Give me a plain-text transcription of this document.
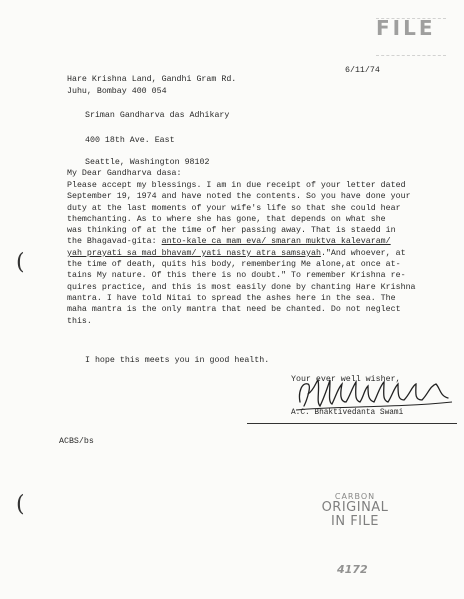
FILE
6/11/74
Hare Krishna Land, Gandhi Gram Rd.
Juhu, Bombay 400 054
Sriman Gandharva das Adhikary
400 18th Ave. East
Seattle, Washington 98102
My Dear Gandharva dasa:
Please accept my blessings. I am in due receipt of your letter dated
September 19, 1974 and have noted the contents. So you have done your
duty at the last moments of your wife's life so that she could hear
themchanting. As to where she has gone, that depends on what she
was thinking of at the time of her passing away. That is staedd in
the Bhagavad-gita: anto-kale ca mam eva/ smaran muktva kalevaram/
yah prayati sa mad bhavam/ yati nasty atra samsayah."And whoever, at
the time of death, quits his body, remembering Me alone,at once at-
tains My nature. Of this there is no doubt." To remember Krishna re-
quires practice, and this is most easily done by chanting Hare Krishna
mantra. I have told Nitai to spread the ashes here in the sea. The
maha mantra is the only mantra that need be chanted. Do not neglect
this.
I hope this meets you in good health.
Your ever well wisher,
A.C. Bhaktivedanta Swami
ACBS/bs
(
(	CARBON
ORIGINAL
IN FILE
4172
